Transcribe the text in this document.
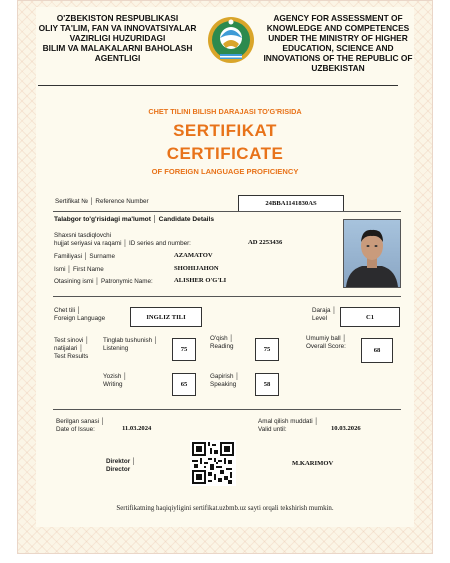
O'ZBEKISTON RESPUBLIKASI
OLIY TA'LIM, FAN VA INNOVATSIYALAR
VAZIRLIGI HUZURIDAGI
BILIM VA MALAKALARNI BAHOLASH
AGENTLIGI
AGENCY FOR ASSESSMENT OF
KNOWLEDGE AND COMPETENCES
UNDER THE MINISTRY OF HIGHER
EDUCATION, SCIENCE AND
INNOVATIONS OF THE REPUBLIC OF
UZBEKISTAN
CHET TILINI BILISH DARAJASI TO'G'RISIDA
SERTIFIKAT
CERTIFICATE
OF FOREIGN LANGUAGE PROFICIENCY
Sertifikat № │ Reference Number	24BBA1141830AS
Talabgor to'g'risidagi ma'lumot │ Candidate Details
Shaxsni tasdiqlovchi
hujjat seriyasi va raqami │ ID series and number:	AD 2253436
Familiyasi │ Surname	AZAMATOV
Ismi │ First Name	SHOHIJAHON
Otasining ismi │ Patronymic Name:	ALISHER O'G'LI
Chet tili │
Foreign Language	INGLIZ TILI
Daraja │
Level	C1
Test sinovi │
natijalari │
Test Results
Tinglab tushunish │
Listening	75
O'qish │
Reading	75
Umumiy ball │
Overall Score:
68
Yozish │
Writing	65
Gapirish │
Speaking	58
Berilgan sanasi │
Date of Issue:	11.03.2024
Amal qilish muddati │
Valid until:	10.03.2026
Direktor │
Director
M.KARIMOV
Sertifikatning haqiqiyligini sertifikat.uzbmb.uz sayti orqali tekshirish mumkin.
